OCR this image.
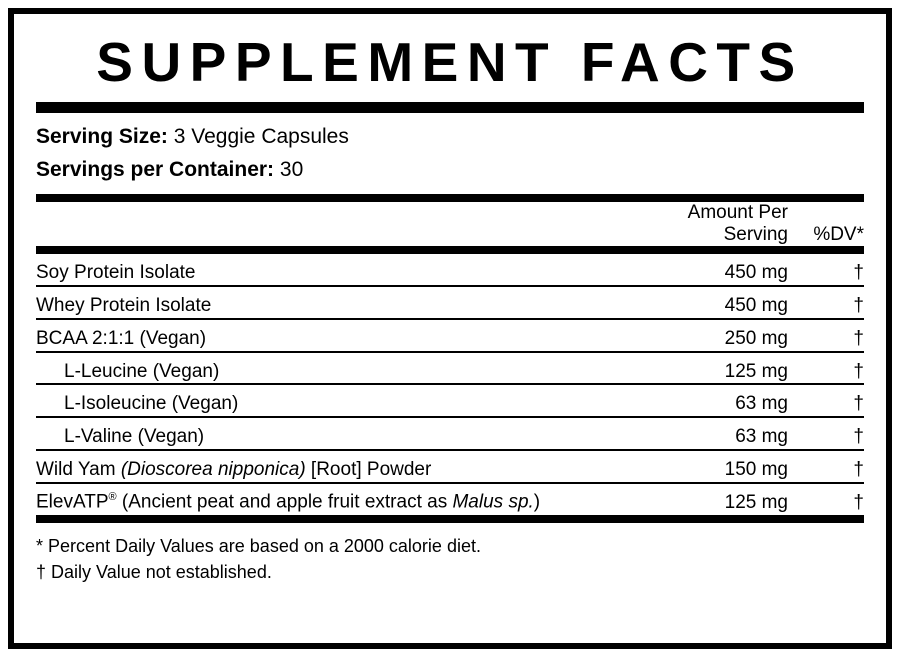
SUPPLEMENT FACTS
Serving Size: 3 Veggie Capsules
Servings per Container: 30
	Amount Per Serving	%DV*
Soy Protein Isolate	450 mg	†
Whey Protein Isolate	450 mg	†
BCAA 2:1:1 (Vegan)	250 mg	†
L-Leucine (Vegan)	125 mg	†
L-Isoleucine (Vegan)	63 mg	†
L-Valine (Vegan)	63 mg	†
Wild Yam (Dioscorea nipponica) [Root] Powder	150 mg	†
ElevATP® (Ancient peat and apple fruit extract as Malus sp.)	125 mg	†
* Percent Daily Values are based on a 2000 calorie diet.
† Daily Value not established.
